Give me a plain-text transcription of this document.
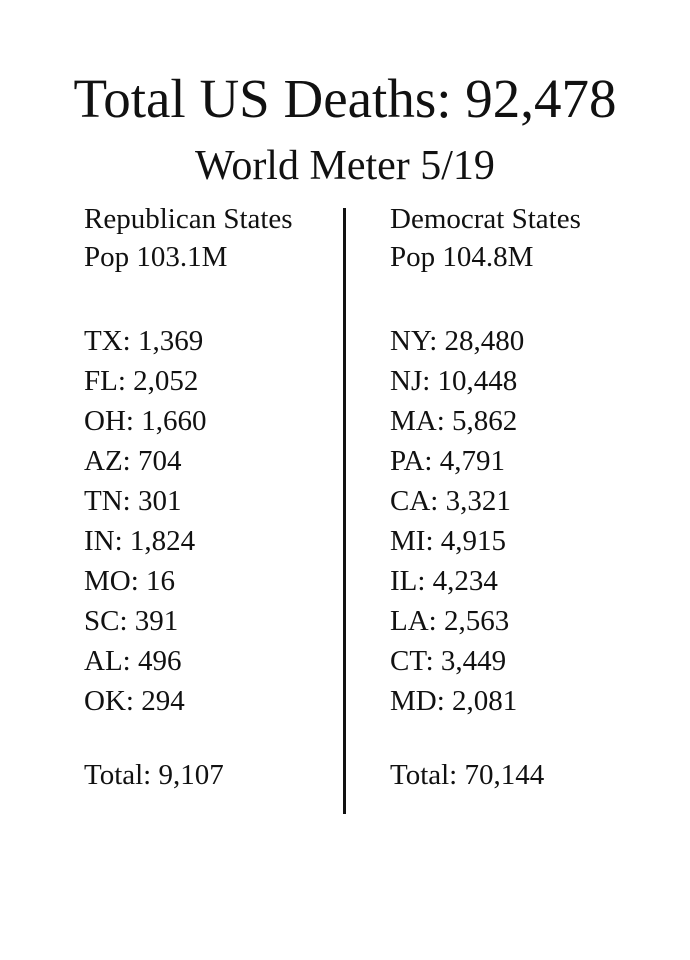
Total US Deaths: 92,478
World Meter 5/19
Republican States
Pop 103.1M
TX: 1,369
FL: 2,052
OH: 1,660
AZ: 704
TN: 301
IN: 1,824
MO: 16
SC: 391
AL: 496
OK: 294
Total: 9,107
Democrat States
Pop 104.8M
NY: 28,480
NJ: 10,448
MA: 5,862
PA: 4,791
CA: 3,321
MI: 4,915
IL: 4,234
LA: 2,563
CT: 3,449
MD: 2,081
Total: 70,144
